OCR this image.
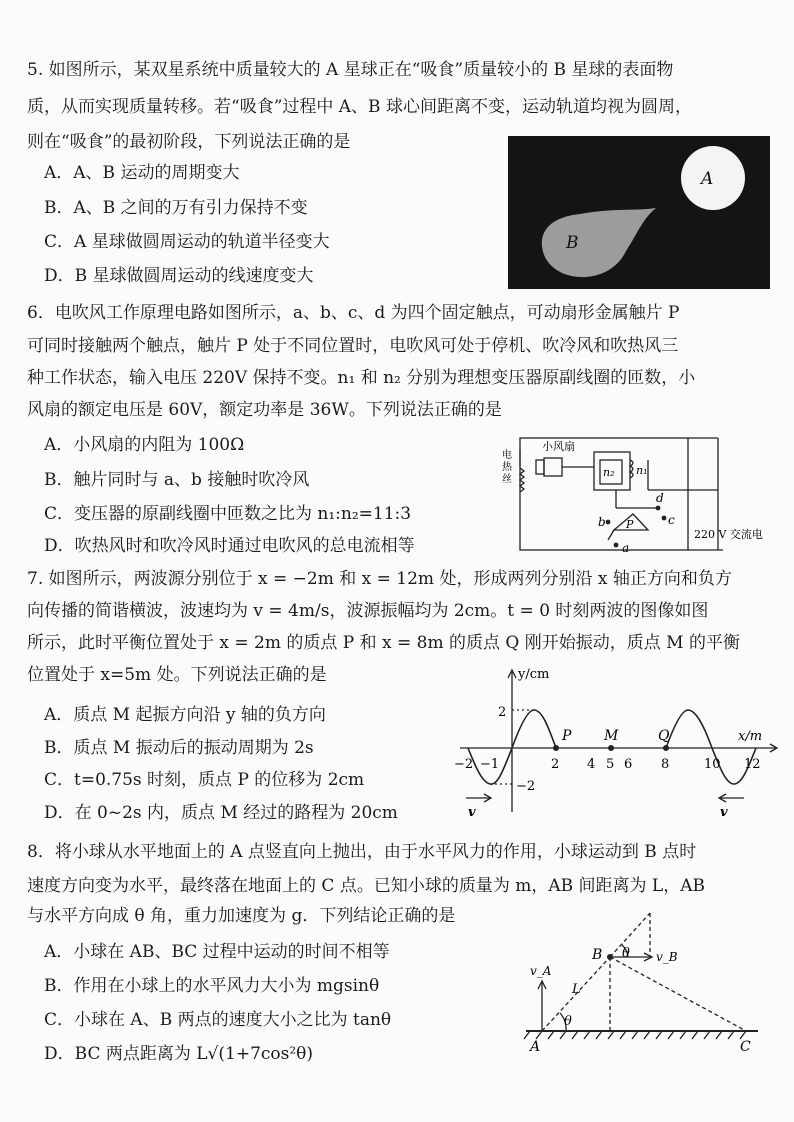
5. 如图所示，某双星系统中质量较大的 A 星球正在“吸食”质量较小的 B 星球的表面物
质，从而实现质量转移。若“吸食”过程中 A、B 球心间距离不变，运动轨道均视为圆周，
则在“吸食”的最初阶段，下列说法正确的是
A．A、B 运动的周期变大
B．A、B 之间的万有引力保持不变
C．A 星球做圆周运动的轨道半径变大
D．B 星球做圆周运动的线速度变大
A
B
6．电吹风工作原理电路如图所示，a、b、c、d 为四个固定触点，可动扇形金属触片 P
可同时接触两个触点，触片 P 处于不同位置时，电吹风可处于停机、吹冷风和吹热风三
种工作状态，输入电压 220V 保持不变。n₁ 和 n₂ 分别为理想变压器原副线圈的匝数，小
风扇的额定电压是 60V，额定功率是 36W。下列说法正确的是
A．小风扇的内阻为 100Ω
B．触片同时与 a、b 接触时吹冷风
C．变压器的原副线圈中匝数之比为 n₁:n₂=11:3
D．吹热风时和吹冷风时通过电吹风的总电流相等
小风扇
电
热
丝
n₂ n₁
d
c
b
a
P
220 V 交流电
7. 如图所示，两波源分别位于 x = −2m 和 x = 12m 处，形成两列分别沿 x 轴正方向和负方
向传播的简谐横波，波速均为 v = 4m/s，波源振幅均为 2cm。t = 0 时刻两波的图像如图
所示，此时平衡位置处于 x = 2m 的质点 P 和 x = 8m 的质点 Q 刚开始振动，质点 M 的平衡
位置处于 x=5m 处。下列说法正确的是
A．质点 M 起振方向沿 y 轴的负方向
B．质点 M 振动后的振动周期为 2s
C．t=0.75s 时刻，质点 P 的位移为 2cm
D．在 0~2s 内，质点 M 经过的路程为 20cm
y/cm
x/m
2
−2
−2 −1	2 4 5 6 8	10 12
P M	Q
v	v
8．将小球从水平地面上的 A 点竖直向上抛出，由于水平风力的作用，小球运动到 B 点时
速度方向变为水平，最终落在地面上的 C 点。已知小球的质量为 m，AB 间距离为 L，AB
与水平方向成 θ 角，重力加速度为 g．下列结论正确的是
A．小球在 AB、BC 过程中运动的时间不相等
B．作用在小球上的水平风力大小为 mgsinθ
C．小球在 A、B 两点的速度大小之比为 tanθ
D．BC 两点距离为 L√(1+7cos²θ)
v_A
B	v_B
θ
L
θ
A	C
